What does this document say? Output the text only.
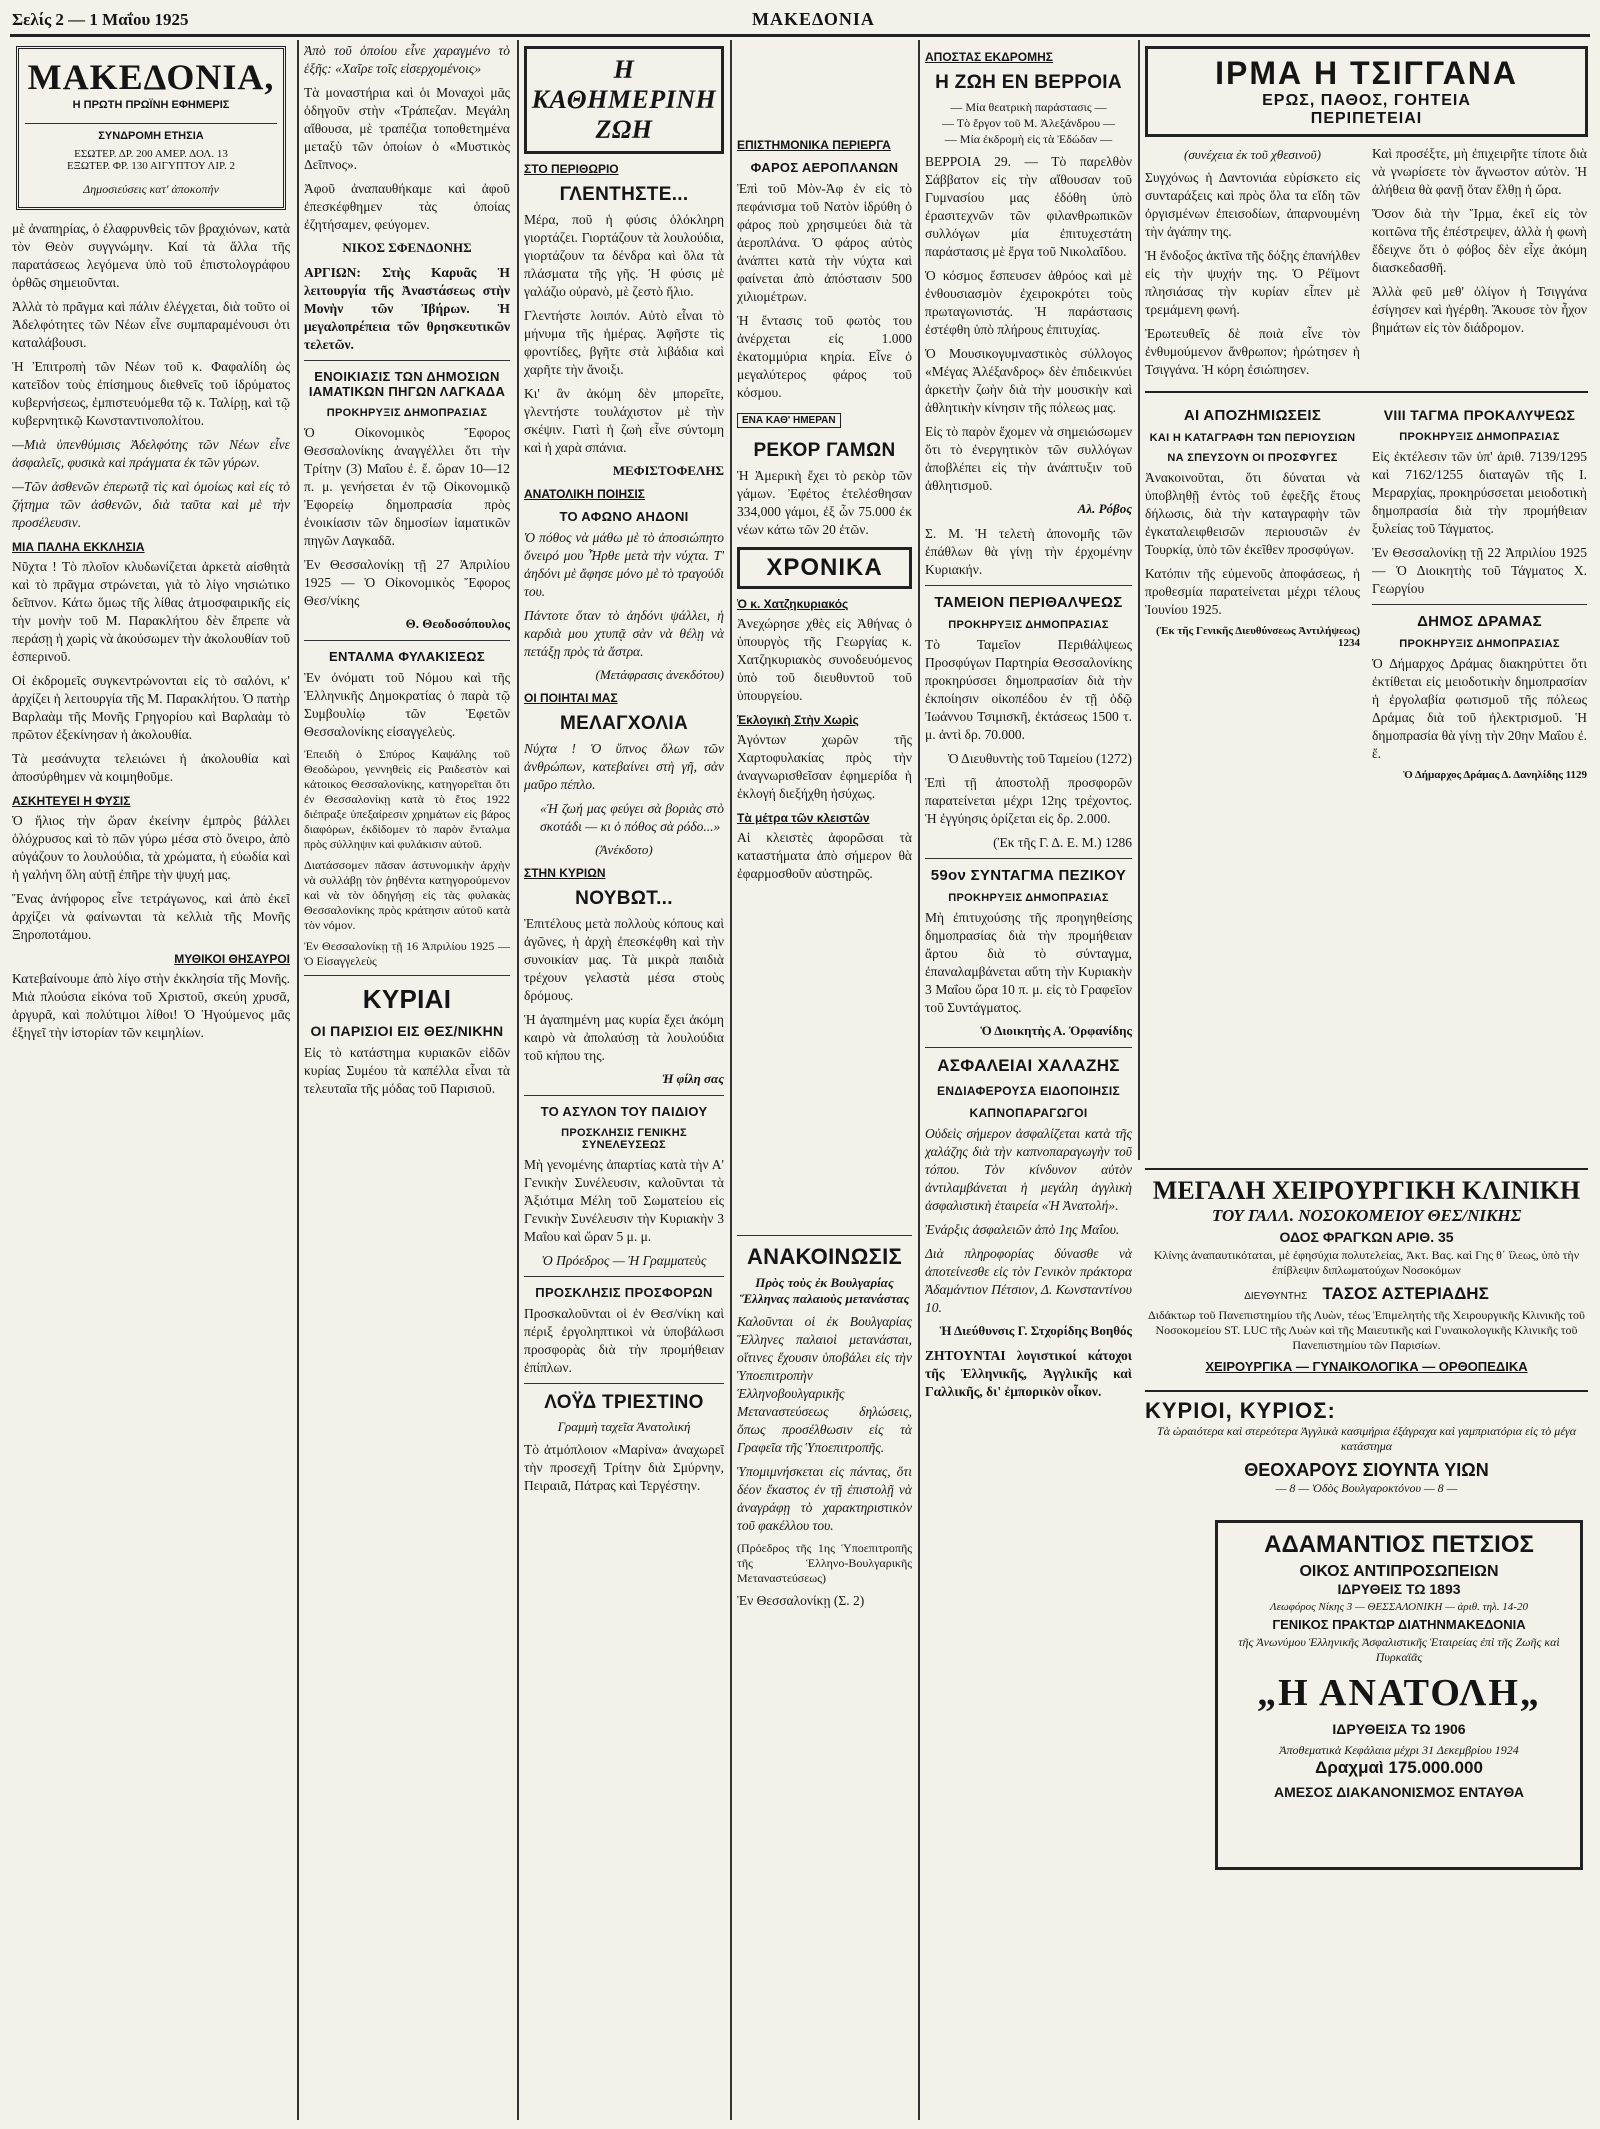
Σελίς 2 — 1 Μαΐου 1925	ΜΑΚΕΔΟΝΙΑ
ΜΑΚΕΔΟΝΙΑ,
Η ΠΡΩΤΗ ΠΡΩΪΝΗ ΕΦΗΜΕΡΙΣ
ΣΥΝΔΡΟΜΗ ΕΤΗΣΙΑ
ΕΣΩΤΕΡ. ΔΡ. 200 ΑΜΕΡ. ΔΟΛ. 13
ΕΞΩΤΕΡ. ΦΡ. 130 ΑΙΓΥΠΤΟΥ ΛΙΡ. 2
Δημοσιεύσεις κατ' ἀποκοπήν

μὲ ἀναπηρίας, ὁ ἐλαφρυνθεὶς τῶν βραχιόνων, κατὰ τὸν Θεὸν συγγνώμην. Καί τὰ ἄλλα τῆς παρατάσεως λεγόμενα ὑπὸ τοῦ ἐπιστολογράφου ὀρθῶς σημειοῦνται.

Ἀλλὰ τὸ πρᾶγμα καὶ πάλιν ἐλέγχεται, διὰ τοῦτο οἱ Ἀδελφότητες τῶν Νέων εἶνε συμπαραμένουσι ὁτι καταλάβουσι.

Ἡ Ἐπιτροπὴ τῶν Νέων τοῦ κ. Φαφαλίδη ὡς κατεῖδον τοὺς ἐπίσημους διεθνεῖς τοῦ ἰδρύματος κυβερνήσεως, ἐμπιστευόμεθα τῷ κ. Ταλίρῃ, καὶ τῷ κυβερνητικῷ Κωνσταντινοπολίτου.

—Μιὰ ὑπενθύμισις Ἀδελφότης τῶν Νέων εἶνε ἀσφαλεῖς, φυσικὰ καὶ πράγματα ἐκ τῶν γύρων.

—Τῶν ἀσθενῶν ἐπερωτᾷ τὶς καὶ ὁμοίως καὶ εἰς τὸ ζήτημα τῶν ἀσθενῶν, διὰ ταῦτα καὶ μὲ τὴν προσέλευσιν.

ΜΙΑ ΠΑΛΗΑ ΕΚΚΛΗΣΙΑ

Νῦχτα ! Τὸ πλοῖον κλυδωνίζεται ἀρκετὰ αἰσθητὰ καὶ τὸ πρᾶγμα στρώνεται, γιὰ τὸ λίγο νησιώτικο δεῖπνον. Κάτω ὅμως τῆς λίθας ἀτμοσφαιρικῆς εἰς τὴν μονὴν τοῦ Μ. Παρακλήτου δὲν ἔπρεπε νὰ περάσῃ ἡ χωρὶς νὰ ἀκούσωμεν τὴν ἀκολουθίαν τοῦ ἑσπερινοῦ.

Οἱ ἐκδρομεῖς συγκεντρώνονται εἰς τὸ σαλόνι, κ' ἀρχίζει ἡ λειτουργία τῆς Μ. Παρακλήτου. Ὁ πατὴρ Βαρλαὰμ τῆς Μονῆς Γρηγορίου καὶ Βαρλαὰμ τὸ πρῶτον ἐξεκίνησαν ἡ ἀκολουθία.

Τὰ μεσάνυχτα τελειώνει ἡ ἀκολουθία καὶ ἀποσύρθημεν νὰ κοιμηθοῦμε.

ΑΣΚΗΤΕΥΕΙ Η ΦΥΣΙΣ

Ὁ ἥλιος τὴν ὥραν ἐκείνην ἐμπρὸς βάλλει ὁλόχρυσος καὶ τὸ πῶν γύρω μέσα στὸ ὄνειρο, ἀπὸ αὐγάζουν το λουλούδια, τὰ χρώματα, ἡ εὐωδία καὶ ἡ γαλήνη ὅλη αὐτῇ ἐπῆρε τὴν ψυχή μας.

Ἕνας ἀνήφορος εἶνε τετράγωνος, καὶ ἀπὸ ἐκεῖ ἀρχίζει νὰ φαίνωνται τὰ κελλιὰ τῆς Μονῆς Ξηροποτάμου.

ΜΥΘΙΚΟΙ ΘΗΣΑΥΡΟΙ

Κατεβαίνουμε ἀπὸ λίγο στὴν ἐκκλησία τῆς Μονῆς. Μιὰ πλούσια εἰκόνα τοῦ Χριστοῦ, σκεύη χρυσᾶ, ἀργυρᾶ, καὶ πολύτιμοι λίθοι! Ὁ Ἡγούμενος μᾶς ἐξηγεῖ τὴν ἱστορίαν τῶν κειμηλίων.

Ἀπὸ τοῦ ὁποίου εἶνε χαραγμένο τὸ ἑξῆς: «Χαῖρε τοῖς εἰσερχομένοις»

Τὰ μοναστήρια καὶ ὁι Μοναχοὶ μᾶς ὁδηγοῦν στὴν «Τράπεζαν. Μεγάλη αἴθουσα, μὲ τραπέζια τοποθετημένα μεταξὺ τῶν ὁποίων ὁ «Μυστικὸς Δεῖπνος».

Ἀφοῦ ἀναπαυθήκαμε καὶ ἀφοῦ ἐπεσκέφθημεν τὰς ὁποίας ἐζητήσαμεν, φεύγομεν.

ΝΙΚΟΣ ΣΦΕΝΔΟΝΗΣ

ΑΡΓΙΩΝ: Στὴς Καρυᾶς Ἡ λειτουργία τῆς Ἀναστάσεως στὴν Μονὴν τῶν Ἰβήρων. Ἡ μεγαλοπρέπεια τῶν θρησκευτικῶν τελετῶν.

ΕΝΟΙΚΙΑΣΙΣ ΤΩΝ ΔΗΜΟΣΙΩΝ ΙΑΜΑΤΙΚΩΝ ΠΗΓΩΝ ΛΑΓΚΑΔΑ
ΠΡΟΚΗΡΥΞΙΣ ΔΗΜΟΠΡΑΣΙΑΣ

Ὁ Οἰκονομικὸς Ἔφορος Θεσσαλονίκης ἀναγγέλλει ὅτι τὴν Τρίτην (3) Μαΐου ἐ. ἔ. ὥραν 10—12 π. μ. γενήσεται ἐν τῷ Οἰκονομικῷ Ἐφορείῳ δημοπρασία πρὸς ἐνοικίασιν τῶν δημοσίων ἰαματικῶν πηγῶν Λαγκαδᾶ.

Ἐν Θεσσαλονίκῃ τῇ 27 Ἀπριλίου 1925 — Ὁ Οἰκονομικὸς Ἔφορος Θεσ/νίκης

Θ. Θεοδοσόπουλος
ΕΝΤΑΛΜΑ ΦΥΛΑΚΙΣΕΩΣ

Ἐν ὀνόματι τοῦ Νόμου καὶ τῆς Ἑλληνικῆς Δημοκρατίας ὁ παρὰ τῷ Συμβουλίῳ τῶν Ἐφετῶν Θεσσαλονίκης εἰσαγγελεὺς.

Ἐπειδὴ ὁ Σπύρος Καψάλης τοῦ Θεοδώρου, γεννηθεὶς εἰς Ραιδεστὸν καὶ κάτοικος Θεσσαλονίκης, κατηγορεῖται ὅτι ἐν Θεσσαλονίκῃ κατὰ τὸ ἔτος 1922 διέπραξε ὑπεξαίρεσιν χρημάτων εἰς βάρος διαφόρων, ἐκδίδομεν τὸ παρὸν ἔνταλμα πρὸς σύλληψιν καὶ φυλάκισιν αὐτοῦ.

Διατάσσομεν πᾶσαν ἀστυνομικὴν ἀρχὴν νὰ συλλάβῃ τὸν ῥηθέντα κατηγορούμενον καὶ νὰ τὸν ὁδηγήσῃ εἰς τὰς φυλακὰς Θεσσαλονίκης πρὸς κράτησιν αὐτοῦ κατὰ τὸν νόμον.

Ἐν Θεσσαλονίκῃ τῇ 16 Ἀπριλίου 1925 — Ὁ Εἰσαγγελεὺς

ΚΥΡΙΑΙ
ΟΙ ΠΑΡΙΣΙΟΙ ΕΙΣ ΘΕΣ/ΝΙΚΗΝ

Εἰς τὸ κατάστημα κυριακῶν εἰδῶν κυρίας Συμέου τὰ καπέλλα εἶναι τὰ τελευταῖα τῆς μόδας τοῦ Παρισιοῦ.

Η ΚΑΘΗΜΕΡΙΝΗ ΖΩΗ
ΣΤΟ ΠΕΡΙΘΩΡΙΟ
ΓΛΕΝΤΗΣΤΕ...

Μέρα, ποῦ ἡ φύσις ὁλόκληρη γιορτάζει. Γιορτάζουν τὰ λουλούδια, γιορτάζουν τα δένδρα καὶ ὅλα τὰ πλάσματα τῆς γῆς. Ἡ φύσις μὲ γαλάζιο οὐρανὸ, μὲ ζεστὸ ἥλιο.

Γλεντήστε λοιπόν. Αὐτὸ εἶναι τὸ μήνυμα τῆς ἡμέρας. Ἀφῆστε τὶς φροντίδες, βγῆτε στὰ λιβάδια καὶ χαρῆτε τὴν ἄνοιξι.

Κι' ἂν ἀκόμη δὲν μπορεῖτε, γλεντήστε τουλάχιστον μὲ τὴν σκέψιν. Γιατὶ ἡ ζωὴ εἶνε σύντομη καὶ ἡ χαρὰ σπάνια.

ΜΕΦΙΣΤΟΦΕΛΗΣ
ΑΝΑΤΟΛΙΚΗ ΠΟΙΗΣΙΣ
ΤΟ ΑΦΩΝΟ ΑΗΔΟΝΙ

Ὁ πόθος νὰ μάθω μὲ τὸ ἀποσιώπητο ὄνειρό μου Ἦρθε μετὰ τὴν νύχτα. Τ' ἀηδόνι μὲ ἄφησε μόνο μὲ τὸ τραγούδι του.

Πάντοτε ὅταν τὸ ἀηδόνι ψάλλει, ἡ καρδιὰ μου χτυπᾷ σὰν νὰ θέλῃ νὰ πετάξῃ πρὸς τὰ ἄστρα.

(Μετάφρασις ἀνεκδότου)
ΟΙ ΠΟΙΗΤΑΙ ΜΑΣ
ΜΕΛΑΓΧΟΛΙΑ

Νύχτα ! Ὁ ὕπνος ὅλων τῶν ἀνθρώπων, κατεβαίνει στὴ γῆ, σὰν μαῦρο πέπλο.

«Ἡ ζωή μας φεύγει σὰ βοριὰς στὸ σκοτάδι — κι ὁ πόθος σὰ ρόδο...»

(Ἀνέκδοτο)
ΣΤΗΝ ΚΥΡΙΩΝ
ΝΟΥΒΩΤ...

Ἐπιτέλους μετὰ πολλοὺς κόπους καὶ ἀγῶνες, ἡ ἀρχὴ ἐπεσκέφθη καὶ τὴν συνοικίαν μας. Τὰ μικρὰ παιδιὰ τρέχουν γελαστὰ μέσα στοὺς δρόμους.

Ἡ ἀγαπημένη μας κυρία ἔχει ἀκόμη καιρὸ νὰ ἀπολαύσῃ τὰ λουλούδια τοῦ κήπου της.

Ἡ φίλη σας
ΤΟ ΑΣΥΛΟΝ ΤΟΥ ΠΑΙΔΙΟΥ
ΠΡΟΣΚΛΗΣΙΣ ΓΕΝΙΚΗΣ ΣΥΝΕΛΕΥΣΕΩΣ

Μὴ γενομένης ἀπαρτίας κατὰ τὴν Α' Γενικὴν Συνέλευσιν, καλοῦνται τὰ Ἀξιότιμα Μέλη τοῦ Σωματείου εἰς Γενικὴν Συνέλευσιν τὴν Κυριακὴν 3 Μαΐου καὶ ὥραν 5 μ. μ.

Ὁ Πρόεδρος — Ἡ Γραμματεὺς

ΠΡΟΣΚΛΗΣΙΣ ΠΡΟΣΦΟΡΩΝ

Προσκαλοῦνται οἱ ἐν Θεσ/νίκη καὶ πέριξ ἐργοληπτικοὶ νὰ ὑποβάλωσι προσφορὰς διὰ τὴν προμήθειαν ἐπίπλων.

ΛΟΫΔ ΤΡΙΕΣΤΙΝΟ
Γραμμὴ ταχεῖα Ἀνατολική

Τὸ ἀτμόπλοιον «Μαρίνα» ἀναχωρεῖ τὴν προσεχῆ Τρίτην διὰ Σμύρνην, Πειραιᾶ, Πάτρας καὶ Τεργέστην.

ΕΠΙΣΤΗΜΟΝΙΚΑ ΠΕΡΙΕΡΓΑ
ΦΑΡΟΣ ΑΕΡΟΠΛΑΝΩΝ

Ἐπὶ τοῦ Μὸν-Ἀφ ἐν εἰς τὸ πεφάνισμα τοῦ Νατὸν ἱδρύθη ὁ φάρος ποὺ χρησιμεύει διὰ τὰ ἀεροπλάνα. Ὁ φάρος αὐτὸς ἀνάπτει κατὰ τὴν νύχτα καὶ φαίνεται ἀπὸ ἀπόστασιν 500 χιλιομέτρων.

Ἡ ἔντασις τοῦ φωτὸς του ἀνέρχεται εἰς 1.000 ἑκατομμύρια κηρία. Εἶνε ὁ μεγαλύτερος φάρος τοῦ κόσμου.

ΕΝΑ ΚΑΘ' ΗΜΕΡΑΝ
ΡΕΚΟΡ ΓΑΜΩΝ

Ἡ Ἀμερικὴ ἔχει τὸ ρεκὸρ τῶν γάμων. Ἐφέτος ἐτελέσθησαν 334,000 γάμοι, ἐξ ὧν 75.000 ἐκ νέων κάτω τῶν 20 ἐτῶν.

ΧΡΟΝΙΚΑ
Ὁ κ. Χατζηκυριακός

Ἀνεχώρησε χθὲς εἰς Ἀθήνας ὁ ὑπουργὸς τῆς Γεωργίας κ. Χατζηκυριακὸς συνοδευόμενος ὑπὸ τοῦ διευθυντοῦ τοῦ ὑπουργείου.

Ἐκλογικὴ Στὴν Χωρὶς

Ἀγόντων χωρῶν τῆς Χαρτοφυλακίας πρὸς τὴν ἀναγνωρισθεῖσαν ἐφημερίδα ἡ ἐκλογή διεξήχθη ἡσύχως.

Τὰ μέτρα τῶν κλειστῶν

Αἱ κλειστὲς ἀφορῶσαι τὰ καταστήματα ἀπὸ σήμερον θὰ ἐφαρμοσθοῦν αὐστηρῶς.

ΑΝΑΚΟΙΝΩΣΙΣ
Πρὸς τοὺς ἐκ Βουλγαρίας Ἕλληνας παλαιοὺς μετανάστας

Καλοῦνται οἱ ἐκ Βουλγαρίας Ἕλληνες παλαιοὶ μετανάσται, οἵτινες ἔχουσιν ὑποβάλει εἰς τὴν Ὑποεπιτροπὴν Ἑλληνοβουλγαρικῆς Μεταναστεύσεως δηλώσεις, ὅπως προσέλθωσιν εἰς τὰ Γραφεῖα τῆς Ὑποεπιτροπῆς.

Ὑπομιμνήσκεται εἰς πάντας, ὅτι δέον ἕκαστος ἐν τῇ ἐπιστολῇ νὰ ἀναγράφῃ τὸ χαρακτηριστικὸν τοῦ φακέλλου του.

(Πρόεδρος τῆς 1ης Ὑποεπιτροπῆς τῆς Ἑλληνο-Βουλγαρικῆς Μεταναστεύσεως)

Ἐν Θεσσαλονίκῃ (Σ. 2)

ΑΠΟΣΤΑΣ ΕΚΔΡΟΜΗΣ
Η ΖΩΗ ΕΝ ΒΕΡΡΟΙΑ
— Μία θεατρικὴ παράστασις —
— Τὸ ἔργον τοῦ Μ. Ἀλεξάνδρου —
— Μία ἐκδρομὴ εἰς τὰ Ἐδώδαν —

ΒΕΡΡΟΙΑ 29. — Τὸ παρελθὸν Σάββατον εἰς τὴν αἴθουσαν τοῦ Γυμνασίου μας ἐδόθη ὑπὸ ἐρασιτεχνῶν τῶν φιλανθρωπικῶν συλλόγων μία ἐπιτυχεστάτη παράστασις μὲ ἔργα τοῦ Νικολαΐδου.

Ὁ κόσμος ἔσπευσεν ἀθρόος καὶ μὲ ἐνθουσιασμὸν ἐχειροκρότει τοὺς πρωταγωνιστάς. Ἡ παράστασις ἐστέφθη ὑπὸ πλήρους ἐπιτυχίας.

Ὁ Μουσικογυμναστικὸς σύλλογος «Μέγας Ἀλέξανδρος» δὲν ἐπιδεικνύει ἀρκετὴν ζωὴν διὰ τὴν μουσικὴν καὶ ἀθλητικὴν κίνησιν τῆς πόλεως μας.

Εἰς τὸ παρὸν ἔχομεν νὰ σημειώσωμεν ὅτι τὸ ἐνεργητικὸν τῶν συλλόγων ἀποβλέπει εἰς τὴν ἀνάπτυξιν τοῦ ἀθλητισμοῦ.

Αλ. Ρόβος

Σ. Μ. Ἡ τελετὴ ἀπονομῆς τῶν ἐπάθλων θὰ γίνῃ τὴν ἐρχομένην Κυριακήν.

ΤΑΜΕΙΟΝ ΠΕΡΙΘΑΛΨΕΩΣ
ΠΡΟΚΗΡΥΞΙΣ ΔΗΜΟΠΡΑΣΙΑΣ

Τὸ Ταμεῖον Περιθάλψεως Προσφύγων Παρτηρία Θεσσαλονίκης προκηρύσσει δημοπρασίαν διὰ τὴν ἐκποίησιν οἰκοπέδου ἐν τῇ ὁδῷ Ἰωάννου Τσιμισκῆ, ἐκτάσεως 1500 τ. μ. ἀντὶ δρ. 70.000.

Ὁ Διευθυντὴς τοῦ Ταμείου (1272)

Ἐπὶ τῇ ἀποστολῇ προσφορῶν παρατείνεται μέχρι 12ης τρέχοντος. Ἡ ἐγγύησις ὁρίζεται εἰς δρ. 2.000.

(Ἐκ τῆς Γ. Δ. Ε. Μ.) 1286

59ον ΣΥΝΤΑΓΜΑ ΠΕΖΙΚΟΥ
ΠΡΟΚΗΡΥΞΙΣ ΔΗΜΟΠΡΑΣΙΑΣ

Μὴ ἐπιτυχούσης τῆς προηγηθείσης δημοπρασίας διὰ τὴν προμήθειαν ἄρτου διὰ τὸ σύνταγμα, ἐπαναλαμβάνεται αὕτη τὴν Κυριακὴν 3 Μαΐου ὥρα 10 π. μ. εἰς τὸ Γραφεῖον τοῦ Συντάγματος.

Ὁ Διοικητὴς Α. Ὀρφανίδης
ΑΣΦΑΛΕΙΑΙ ΧΑΛΑΖΗΣ
ΕΝΔΙΑΦΕΡΟΥΣΑ ΕΙΔΟΠΟΙΗΣΙΣ
ΚΑΠΝΟΠΑΡΑΓΩΓΟΙ

Οὐδεὶς σήμερον ἀσφαλίζεται κατὰ τῆς χαλάζης διὰ τὴν καπνοπαραγωγὴν τοῦ τόπου. Τὸν κίνδυνον αὐτὸν ἀντιλαμβάνεται ἡ μεγάλη ἀγγλικὴ ἀσφαλιστικὴ ἑταιρεία «Ἡ Ἀνατολή».

Ἐνάρξις ἀσφαλειῶν ἀπὸ 1ης Μαΐου.

Διὰ πληροφορίας δύνασθε νὰ ἀποτείνεσθε εἰς τὸν Γενικὸν πράκτορα Ἀδαμάντιον Πέτσιον, Δ. Κωνσταντίνου 10.

Ἡ Διεύθυνσις Γ. Στχορίδης Βοηθός

ΖΗΤΟΥΝΤΑΙ λογιστικοί κάτοχοι τῆς Ἑλληνικῆς, Ἀγγλικῆς καὶ Γαλλικῆς, δι' ἐμπορικὸν οἶκον.

ΙΡΜΑ Η ΤΣΙΓΓΑΝΑ
ΕΡΩΣ, ΠΑΘΟΣ, ΓΟΗΤΕΙΑ
ΠΕΡΙΠΕΤΕΙΑΙ
(συνέχεια ἐκ τοῦ χθεσινοῦ)

Συγχόνως ἡ Δαντονιάα εὑρίσκετο εἰς συνταράξεις καὶ πρὸς ὅλα τα εἴδη τῶν ὀργισμένων ἐπεισοδίων, ἀπαρνουμένη τὴν ἀγάπην της.

Ἡ ἔνδοξος ἀκτῖνα τῆς δόξης ἐπανήλθεν εἰς τὴν ψυχήν της. Ὁ Ρέϊμοντ πλησιάσας τὴν κυρίαν εἶπεν μὲ τρεμάμενη φωνή.

Ἐρωτευθεῖς δὲ ποιὰ εἶνε τὸν ἐνθυμούμενον ἄνθρωπον; ἡρώτησεν ἡ Τσιγγάνα. Ἡ κόρη ἐσιώπησεν.

Καὶ προσέξτε, μὴ ἐπιχειρῆτε τίποτε διὰ νὰ γνωρίσετε τὸν ἄγνωστον αὐτὸν. Ἡ ἀλήθεια θὰ φανῇ ὅταν ἔλθῃ ἡ ὥρα.

Ὅσον διὰ τὴν Ἴρμα, ἐκεῖ εἰς τὸν κοιτῶνα τῆς ἐπέστρεψεν, ἀλλὰ ἡ φωνὴ ἔδειχνε ὅτι ὁ φόβος δὲν εἶχε ἀκόμη διασκεδασθῆ.

Ἀλλὰ φεῦ μεθ' ὀλίγον ἡ Τσιγγάνα ἐσίγησεν καὶ ἠγέρθη. Ἄκουσε τὸν ἦχον βημάτων εἰς τὸν διάδρομον.

ΑΙ ΑΠΟΖΗΜΙΩΣΕΙΣ
ΚΑΙ Η ΚΑΤΑΓΡΑΦΗ ΤΩΝ ΠΕΡΙΟΥΣΙΩΝ
ΝΑ ΣΠΕΥΣΟΥΝ ΟΙ ΠΡΟΣΦΥΓΕΣ

Ἀνακοινοῦται, ὅτι δύναται νὰ ὑποβληθῇ ἐντὸς τοῦ ἐφεξῆς ἔτους δήλωσις, διὰ τὴν καταγραφὴν τῶν ἐγκαταλειφθεισῶν περιουσιῶν ἐν Τουρκίᾳ, ὑπὸ τῶν ἐκεῖθεν προσφύγων.

Κατόπιν τῆς εὐμενοῦς ἀποφάσεως, ἡ προθεσμία παρατείνεται μέχρι τέλους Ἰουνίου 1925.

(Ἐκ τῆς Γενικῆς Διευθύνσεως Ἀντιλήψεως) 1234
VIII ΤΑΓΜΑ ΠΡΟΚΑΛΥΨΕΩΣ
ΠΡΟΚΗΡΥΞΙΣ ΔΗΜΟΠΡΑΣΙΑΣ

Εἰς ἐκτέλεσιν τῶν ὑπ' ἀριθ. 7139/1295 καὶ 7162/1255 διαταγῶν τῆς Ι. Μεραρχίας, προκηρύσσεται μειοδοτικὴ δημοπρασία διὰ τὴν προμήθειαν ξυλείας τοῦ Τάγματος.

Ἐν Θεσσαλονίκῃ τῇ 22 Ἀπριλίου 1925 — Ὁ Διοικητὴς τοῦ Τάγματος Χ. Γεωργίου

ΔΗΜΟΣ ΔΡΑΜΑΣ
ΠΡΟΚΗΡΥΞΙΣ ΔΗΜΟΠΡΑΣΙΑΣ

Ὁ Δήμαρχος Δράμας διακηρύττει ὅτι ἐκτίθεται εἰς μειοδοτικὴν δημοπρασίαν ἡ ἐργολαβία φωτισμοῦ τῆς πόλεως Δράμας διὰ τοῦ ἠλεκτρισμοῦ. Ἡ δημοπρασία θὰ γίνῃ τὴν 20ην Μαΐου ἐ. ἔ.

Ὁ Δήμαρχος Δράμας Δ. Δανηλίδης 1129
ΜΕΓΑΛΗ ΧΕΙΡΟΥΡΓΙΚΗ ΚΛΙΝΙΚΗ
ΤΟΥ ΓΑΛΛ. ΝΟΣΟΚΟΜΕΙΟΥ ΘΕΣ/ΝΙΚΗΣ
ΟΔΟΣ ΦΡΑΓΚΩΝ ΑΡΙΘ. 35

Κλίνης ἀναπαυτικόταται, μὲ ἐφησύχια πολυτελείας, Ἀκτ. Βας. καὶ Γης θ΄ ἴλεως, ὑπὸ τὴν ἐπίβλεψιν διπλωματούχων Νοσοκόμων

ΔΙΕΥΘΥΝΤΗΣ ΤΑΣΟΣ ΑΣΤΕΡΙΑΔΗΣ

Διδάκτωρ τοῦ Πανεπιστημίου τῆς Λυὼν, τέως Ἐπιμελητὴς τῆς Χειρουργικῆς Κλινικῆς τοῦ Νοσοκομείου ST. LUC τῆς Λυὼν καὶ τῆς Μαιευτικῆς καὶ Γυναικολογικῆς Κλινικῆς τοῦ Πανεπιστημίου τῶν Παρισίων.

ΧΕΙΡΟΥΡΓΙΚΑ — ΓΥΝΑΙΚΟΛΟΓΙΚΑ — ΟΡΘΟΠΕΔΙΚΑ
ΚΥΡΙΟΙ, ΚΥΡΙΟΣ:

Τὰ ὡραιότερα καὶ στερεότερα Ἀγγλικὰ κασιμήρια ἐξάγραχα καὶ γαμπριατόρια εἰς τὸ μέγα κατάστημα

ΘΕΟΧΑΡΟΥΣ ΣΙΟΥΝΤΑ ΥΙΩΝ
— 8 — Ὁδὸς Βουλγαροκτόνου — 8 —
ΑΔΑΜΑΝΤΙΟΣ ΠΕΤΣΙΟΣ
ΟΙΚΟΣ ΑΝΤΙΠΡΟΣΩΠΕΙΩΝ
ΙΔΡΥΘΕΙΣ ΤΩ 1893
Λεωφόρος Νίκης 3 — ΘΕΣΣΑΛΟΝΙΚΗ — ἀριθ. τηλ. 14-20
ΓΕΝΙΚΟΣ ΠΡΑΚΤΩΡ ΔΙΑΤΗΝΜΑΚΕΔΟΝΙΑ
τῆς Ἀνωνύμου Ἑλληνικῆς Ἀσφαλιστικῆς Ἑταιρείας ἐπὶ τῆς Ζωῆς καὶ Πυρκαϊᾶς
„Η ΑΝΑΤΟΛΗ„
ΙΔΡΥΘΕΙΣΑ ΤΩ 1906
Ἀποθεματικὰ Κεφάλαια μέχρι 31 Δεκεμβρίου 1924
Δραχμαὶ 175.000.000
ΑΜΕΣΟΣ ΔΙΑΚΑΝΟΝΙΣΜΟΣ ΕΝΤΑΥΘΑ
